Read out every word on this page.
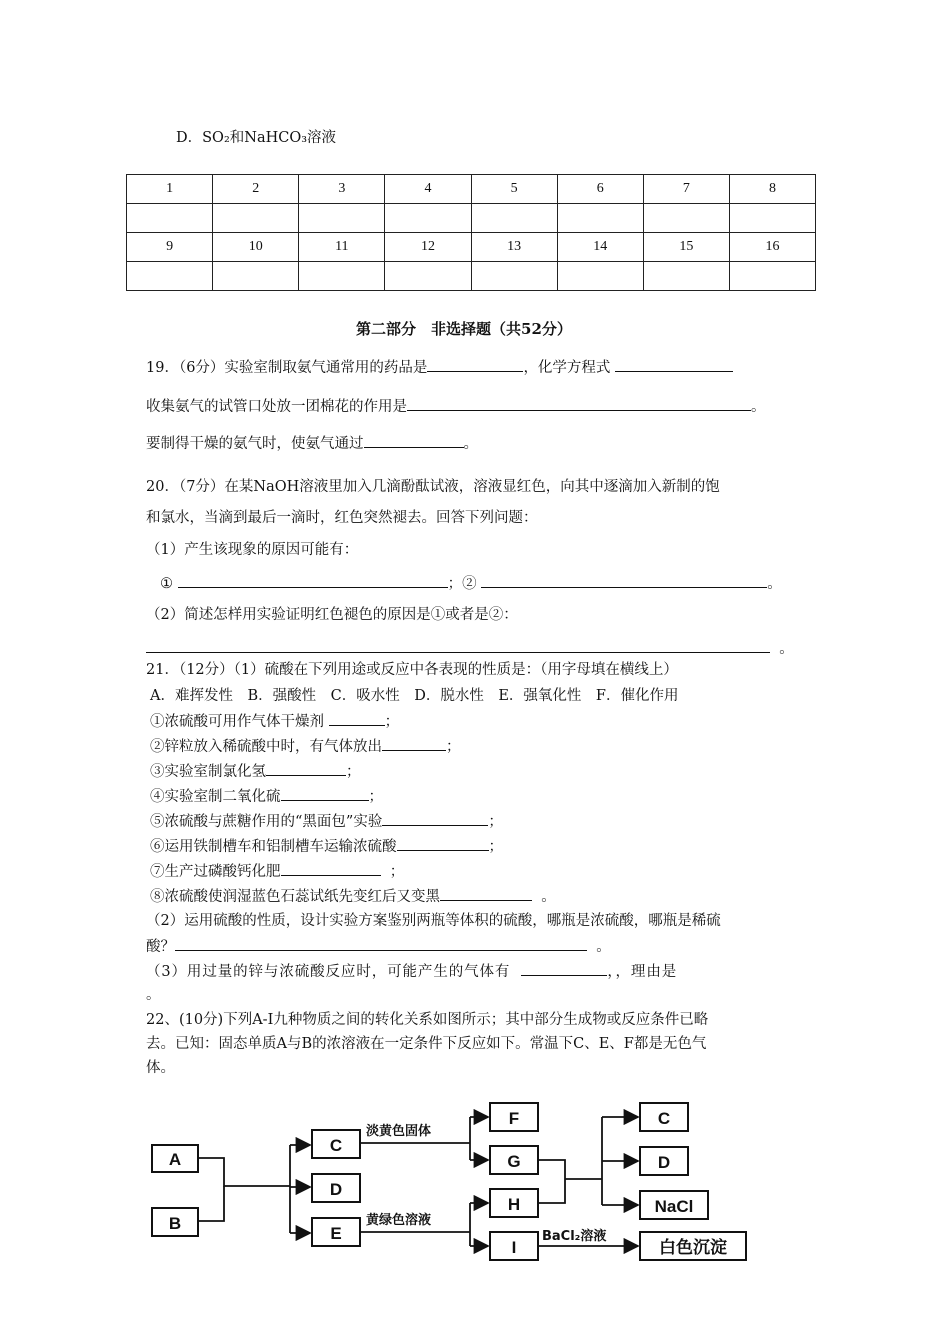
D．SO₂和NaHCO₃溶液
1	2	3	4	5	6	7	8

9	10	11	12	13	14	15	16

第二部分　非选择题（共52分）
19．（6分）实验室制取氨气通常用的药品是	，化学方程式
收集氨气的试管口处放一团棉花的作用是	。
要制得干燥的氨气时，使氨气通过	。
20．（7分）在某NaOH溶液里加入几滴酚酞试液，溶液显红色，向其中逐滴加入新制的饱
和氯水，当滴到最后一滴时，红色突然褪去。回答下列问题：
（1）产生该现象的原因可能有：
①	；②	。
（2）简述怎样用实验证明红色褪色的原因是①或者是②：
。
21．（12分）（1）硫酸在下列用途或反应中各表现的性质是：（用字母填在横线上）
A．难挥发性　B．强酸性　C．吸水性　D．脱水性　E．强氧化性　F．催化作用
①浓硫酸可用作气体干燥剂	；
②锌粒放入稀硫酸中时，有气体放出	；
③实验室制氯化氢	；
④实验室制二氧化硫	；
⑤浓硫酸与蔗糖作用的“黑面包”实验	；
⑥运用铁制槽车和铝制槽车运输浓硫酸	；
⑦生产过磷酸钙化肥	；
⑧浓硫酸使润湿蓝色石蕊试纸先变红后又变黑	。
（2）运用硫酸的性质，设计实验方案鉴别两瓶等体积的硫酸，哪瓶是浓硫酸，哪瓶是稀硫
酸？	。
（3）用过量的锌与浓硫酸反应时，可能产生的气体有	，，理由是
。
22、(10分)下列A-I九种物质之间的转化关系如图所示；其中部分生成物或反应条件已略
去。已知：固态单质A与B的浓溶液在一定条件下反应如下。常温下C、E、F都是无色气
体。
A
B
C
D
E
F
G
H
I
C
D
NaCl
白色沉淀
淡黄色固体
黄绿色溶液
BaCl₂溶液
